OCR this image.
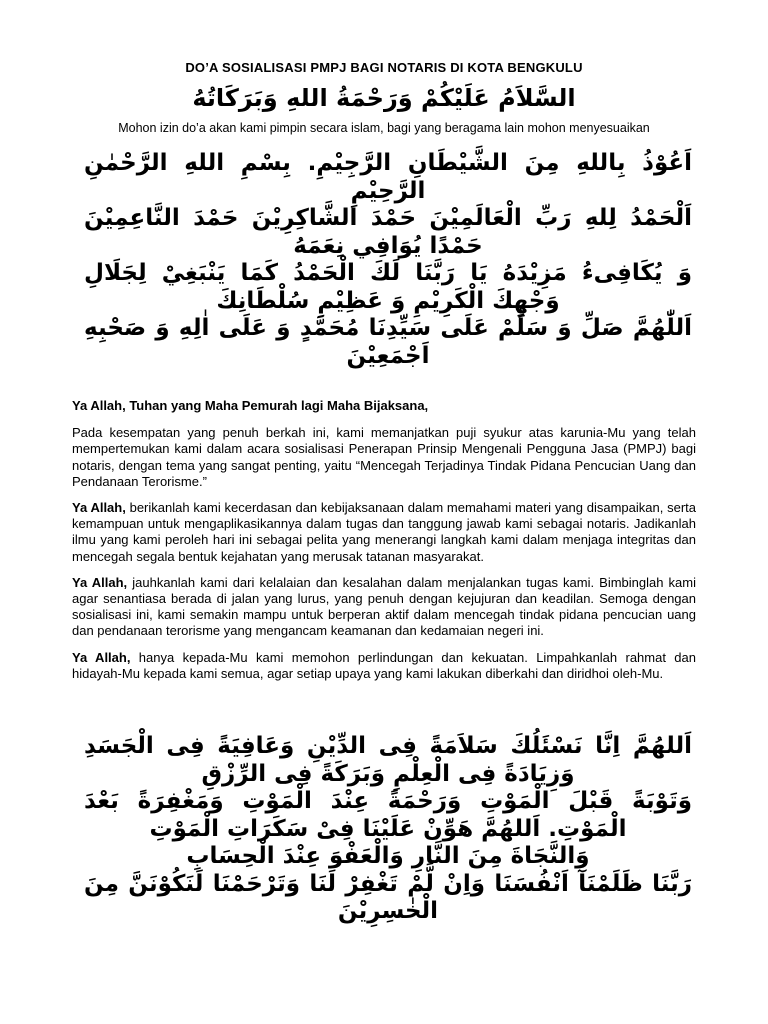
DO’A SOSIALISASI PMPJ BAGI NOTARIS DI KOTA BENGKULU
السَّلاَمُ عَلَيْكُمْ وَرَحْمَةُ اللهِ وَبَرَكَاتُهُ
Mohon izin do’a akan kami pimpin secara islam, bagi yang beragama lain mohon menyesuaikan
اَعُوْذُ بِاللهِ مِنَ الشَّيْطَانِ الرَّجِيْمِ. بِسْمِ اللهِ الرَّحْمٰنِ الرَّحِيْمِ
اَلْحَمْدُ لِلهِ رَبِّ الْعَالَمِيْنَ حَمْدَ الشَّاكِرِيْنَ حَمْدَ النَّاعِمِيْنَ حَمْدًا يُوَافِي نِعَمَهُ
وَ يُكَافِىءُ مَزِيْدَهُ يَا رَبَّنَا لَكَ الْحَمْدُ كَمَا يَنْبَغِيْ لِجَلَالِ وَجْهِكَ الْكَرِيْمِ وَ عَظِيْمِ سُلْطَانِكَ
اَللّٰهُمَّ صَلِّ وَ سَلِّمْ عَلَى سَيِّدِنَا مُحَمَّدٍ وَ عَلَى اٰلِهِ وَ صَحْبِهِ اَجْمَعِيْنَ

Ya Allah, Tuhan yang Maha Pemurah lagi Maha Bijaksana,

Pada kesempatan yang penuh berkah ini, kami memanjatkan puji syukur atas karunia-Mu yang telah mempertemukan kami dalam acara sosialisasi Penerapan Prinsip Mengenali Pengguna Jasa (PMPJ) bagi notaris, dengan tema yang sangat penting, yaitu “Mencegah Terjadinya Tindak Pidana Pencucian Uang dan Pendanaan Terorisme.”

Ya Allah, berikanlah kami kecerdasan dan kebijaksanaan dalam memahami materi yang disampaikan, serta kemampuan untuk mengaplikasikannya dalam tugas dan tanggung jawab kami sebagai notaris. Jadikanlah ilmu yang kami peroleh hari ini sebagai pelita yang menerangi langkah kami dalam menjaga integritas dan mencegah segala bentuk kejahatan yang merusak tatanan masyarakat.

Ya Allah, jauhkanlah kami dari kelalaian dan kesalahan dalam menjalankan tugas kami. Bimbinglah kami agar senantiasa berada di jalan yang lurus, yang penuh dengan kejujuran dan keadilan. Semoga dengan sosialisasi ini, kami semakin mampu untuk berperan aktif dalam mencegah tindak pidana pencucian uang dan pendanaan terorisme yang mengancam keamanan dan kedamaian negeri ini.

Ya Allah, hanya kepada-Mu kami memohon perlindungan dan kekuatan. Limpahkanlah rahmat dan hidayah-Mu kepada kami semua, agar setiap upaya yang kami lakukan diberkahi dan diridhoi oleh-Mu.

اَللهُمَّ اِنَّا نَسْئَلُكَ سَلاَمَةً فِى الدِّيْنِ وَعَافِيَةً فِى الْجَسَدِ وَزِيَادَةً فِى الْعِلْمِ وَبَرَكَةً فِى الرِّزْقِ
وَتَوْبَةً قَبْلَ الْمَوْتِ وَرَحْمَةً عِنْدَ الْمَوْتِ وَمَغْفِرَةً بَعْدَ الْمَوْتِ. اَللهُمَّ هَوِّنْ عَلَيْنَا فِىْ سَكَرَاتِ الْمَوْتِ
وَالنَّجَاةَ مِنَ النَّارِ وَالْعَفْوَ عِنْدَ الْحِسَابِ
رَبَّنَا ظَلَمْنَآ اَنْفُسَنَا وَاِنْ لَّمْ تَغْفِرْ لَنَا وَتَرْحَمْنَا لَنَكُوْنَنَّ مِنَ الْخٰسِرِيْنَ
